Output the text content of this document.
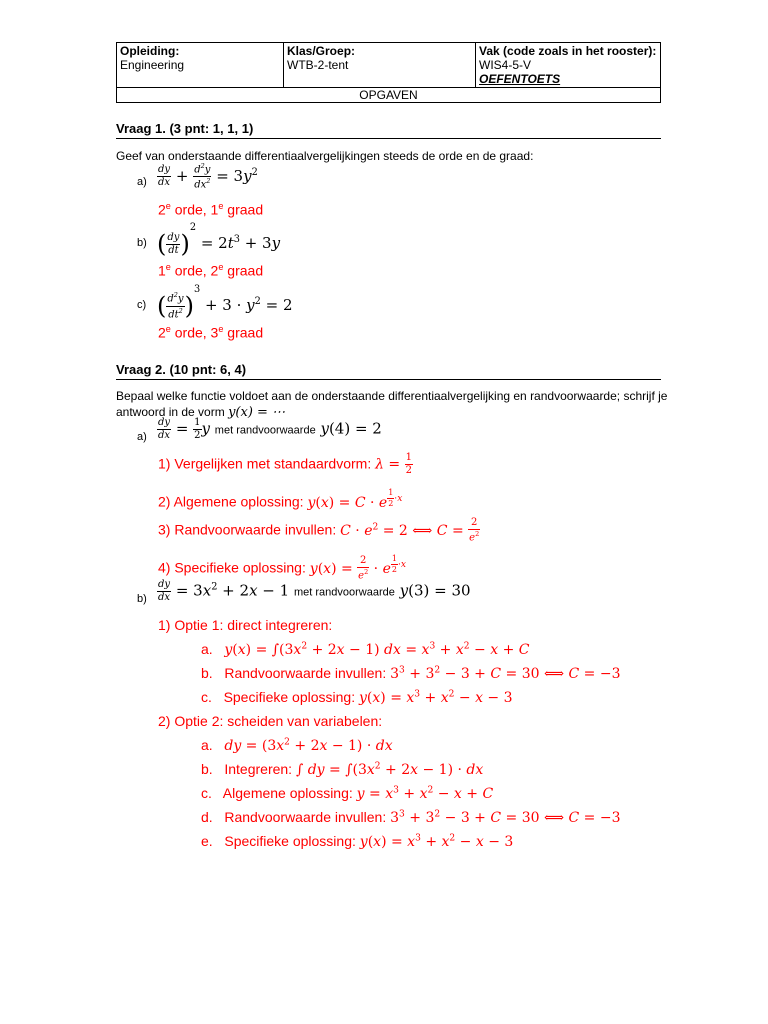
Opleiding:
Engineering

Klas/Groep:
WTB-2-tent

Vak (code zoals in het rooster):
WIS4-5-V
OEFENTOETS

OPGAVEN
Vraag 1. (3 pnt: 1, 1, 1)
Geef van onderstaande differentiaalvergelijkingen steeds de orde en de graad:
$a) \frac{dy}{dx} + \frac{d^2y}{dx^2} = 3y^2$
2e orde, 1e graad
b) ( $\frac{dy}{dt} )^2 = 2t^3 + 3y$
1e orde, 2e graad
c) ( $\frac{d^2y}{dt^2} )^3 + 3 \cdot y^2 = 2$
2e orde, 3e graad
Vraag 2. (10 pnt: 6, 4)
Bepaal welke functie voldoet aan de onderstaande differentiaalvergelijking en randvoorwaarde; schrijf je
antwoord in de vorm y(x) = ⋯
$a) \frac{dy}{dx} = \frac{1}{2}$ y met randvoorwaarde y(4) = 2
1) Vergelijken met standaardvorm: $\lambda = \frac{1}{2}$
2) Algemene oplossing: y(x) = C · e $^{\frac{1}{2} \cdot x}$
3) Randvoorwaarde invullen: $C \cdot e^2 = 2$ ⟺ $C = \frac{2}{e^2}$
4) Specifieke oplossing: $y(x) = \frac{2}{e^2} \cdot e$ $^{\frac{1}{2} \cdot x}$
$b) \frac{dy}{dx} = 3x^2 + 2x - 1$ met randvoorwaarde y(3) = 30
1) Optie 1: direct integreren:
a. $y(x) = \int(3x^2 + 2x - 1)$ dx = $x^3 + x^2 - x + C$
b. Randvoorwaarde invullen: $3^3 + 3^2 - 3 + C = 30$ ⟺ C = −3
c. Specifieke oplossing: $y(x) = x^3 + x^2 - x - 3$
2) Optie 2: scheiden van variabelen:
a. dy = $(3x^2 + 2x - 1)$ · dx
b. Integreren: ∫ dy = $\int(3x^2 + 2x - 1)$ · dx
c. Algemene oplossing: $y = x^3 + x^2 - x + C$
d. Randvoorwaarde invullen: $3^3 + 3^2 - 3 + C = 30$ ⟺ C = −3
e. Specifieke oplossing: $y(x) = x^3 + x^2 - x - 3$
